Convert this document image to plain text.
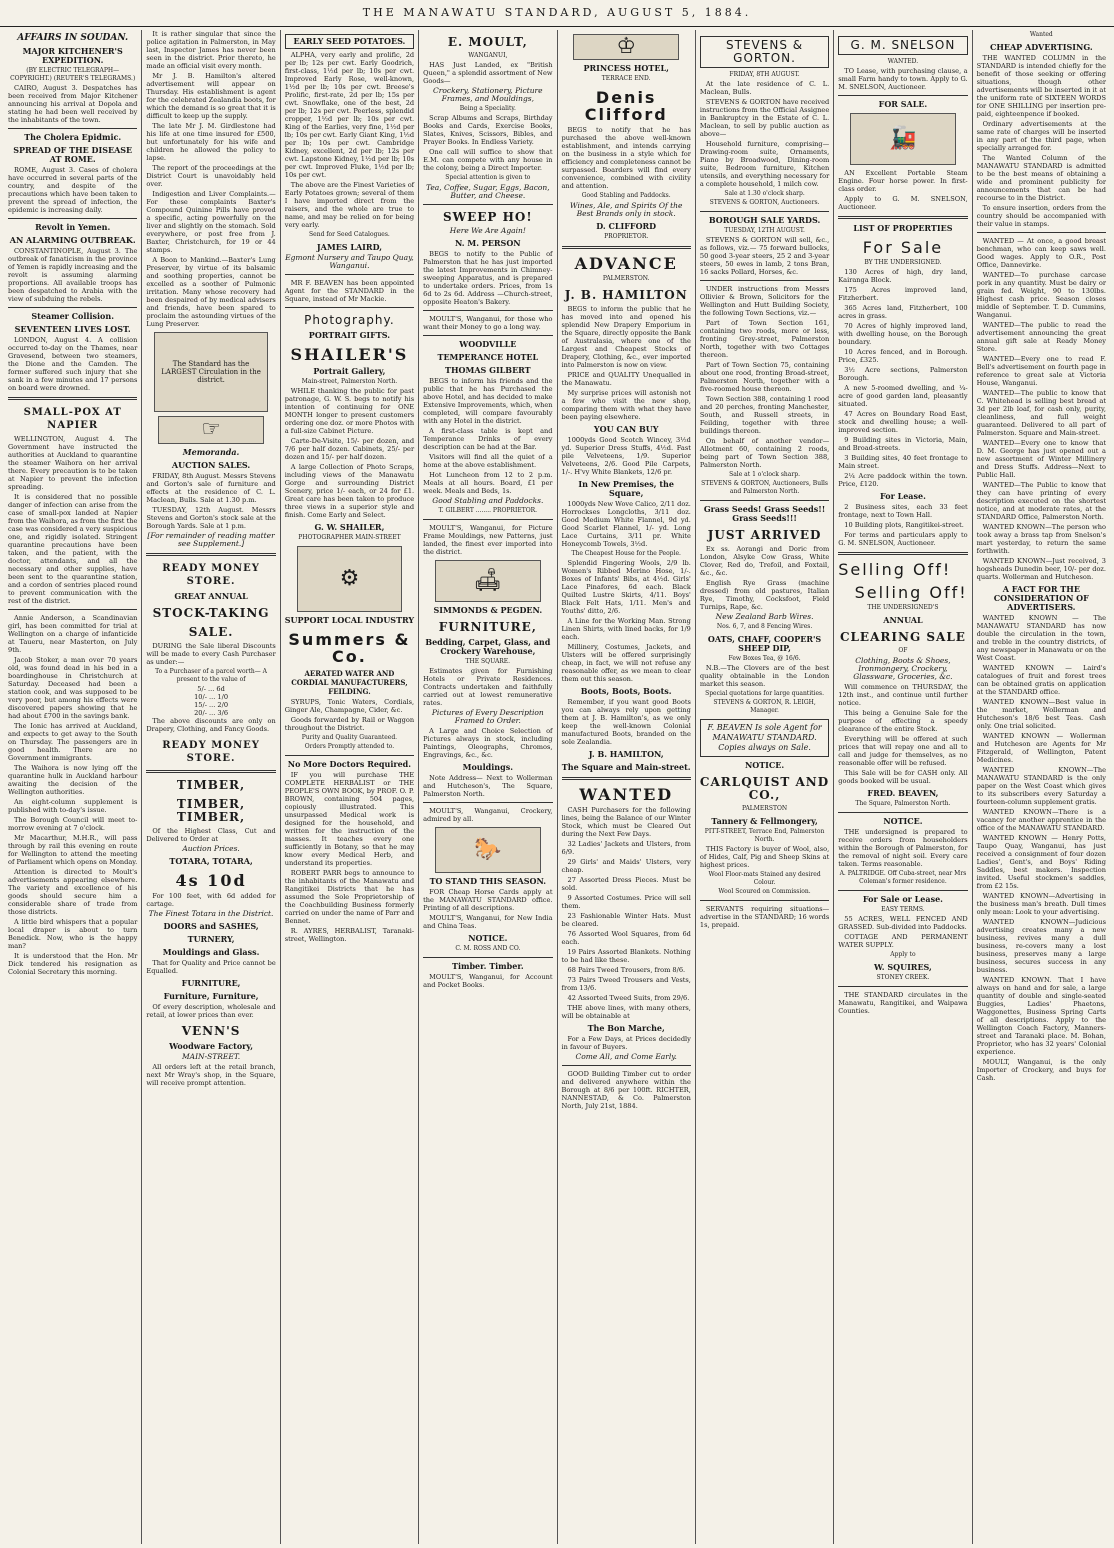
THE MANAWATU STANDARD, AUGUST 5, 1884.
AFFAIRS IN SOUDAN.
MAJOR KITCHENER'S EXPEDITION.
(BY ELECTRIC TELEGRAPH—COPYRIGHT.) (REUTER'S TELEGRAMS.)

CAIRO, August 3. Despatches has been received from Major Kitchener announcing his arrival at Dopola and stating he had been well received by the inhabitants of the town.

The Cholera Epidmic.
SPREAD OF THE DISEASE AT ROME.

ROME, August 3. Cases of cholera have occurred in several parts of the country, and despite of the precautions which have been taken to prevent the spread of infection, the epidemic is increasing daily.

Revolt in Yemen.
AN ALARMING OUTBREAK.

CONSTANTINOPLE, August 3. The outbreak of fanaticism in the province of Yemen is rapidly increasing and the revolt is assuming alarming proportions. All available troops has been despatched to Arabia with the view of subduing the rebels.

Steamer Collision.
SEVENTEEN LIVES LOST.

LONDON, August 4. A collision occurred to-day on the Thames, near Gravesend, between two steamers, the Dione and the Camden. The former suffered such injury that she sank in a few minutes and 17 persons on board were drowned.

SMALL-POX AT NAPIER

WELLINGTON, August 4. The Government have instructed the authorities at Auckland to quarantine the steamer Waihora on her arrival there. Every precaution is to be taken at Napier to prevent the infection spreading.

It is considered that no possible danger of infection can arise from the case of small-pox landed at Napier from the Waihora, as from the first the case was considered a very suspicious one, and rigidly isolated. Stringent quarantine precautions have been taken, and the patient, with the doctor, attendants, and all the necessary and other supplies, have been sent to the quarantine station, and a cordon of sentries placed round to prevent communication with the rest of the district.

Annie Anderson, a Scandinavian girl, has been committed for trial at Wellington on a charge of infanticide at Taueru, near Masterton, on July 9th.

Jacob Stoker, a man over 70 years old, was found dead in his bed in a boardinghouse in Christchurch at Saturday. Deceased had been a station cook, and was supposed to be very poor, but among his effects were discovered papers showing that he had about £700 in the savings bank.

The Ionic has arrived at Auckland, and expects to get away to the South on Thursday. The passengers are in good health. There are no Government immigrants.

The Waihora is now lying off the quarantine hulk in Auckland harbour awaiting the decision of the Wellington authorities.

An eight-column supplement is published with to-day's issue.

The Borough Council will meet to-morrow evening at 7 o'clock.

Mr Macarthur, M.H.R., will pass through by rail this evening en route for Wellington to attend the meeting of Parliament which opens on Monday.

Attention is directed to Moult's advertisements appearing elsewhere. The variety and excellence of his goods should secure him a considerable share of trade from those districts.

A little bird whispers that a popular local draper is about to turn Benedick. Now, who is the happy man?

It is understood that the Hon. Mr Dick tendered his resignation as Colonial Secretary this morning.

It is rather singular that since the police agitation in Palmerston, in May last, Inspector James has never been seen in the district. Prior thereto, he made an official visit every month.

Mr J. B. Hamilton's altered advertisement will appear on Thursday. His establishment is agent for the celebrated Zealandia boots, for which the demand is so great that it is difficult to keep up the supply.

The late Mr J. M. Girdlestone had his life at one time insured for £500, but unfortunately for his wife and children he allowed the policy to lapse.

The report of the proceedings at the District Court is unavoidably held over.

Indigestion and Liver Complaints.—For these complaints Baxter's Compound Quinine Pills have proved a specific, acting powerfully on the liver and slightly on the stomach. Sold everywhere, or post free from J. Baxter, Christchurch, for 19 or 44 stamps.

A Boon to Mankind.—Baxter's Lung Preserver, by virtue of its balsamic and soothing properties, cannot be excelled as a soother of Pulmonic irritation. Many whose recovery had been despaired of by medical advisers and friends, have been spared to proclaim the astounding virtues of the Lung Preserver.

The Standard has the LARGEST Circulation in the district.
☞
Memoranda.
AUCTION SALES.

FRIDAY, 8th August. Messrs Stevens and Gorton's sale of furniture and effects at the residence of C. L. Maclean, Bulls. Sale at 1.30 p.m.

TUESDAY, 12th August. Messrs Stevens and Gorton's stock sale at the Borough Yards. Sale at 1 p.m.

[For remainder of reading matter see Supplement.]
READY MONEY STORE.
GREAT ANNUAL
STOCK-TAKING
SALE.

DURING the Sale liberal Discounts will be made to every Cash Purchaser as under:—

To a Purchaser of a parcel worth— A present to the value of
5/- ... 6d
10/- ... 1/0
15/- ... 2/0
20/- ... 3/6

The above discounts are only on Drapery, Clothing, and Fancy Goods.

READY MONEY STORE.
TIMBER,
TIMBER, TIMBER,

Of the Highest Class, Cut and Delivered to Order at

Auction Prices.
TOTARA, TOTARA,
4s 10d

For 100 feet, with 6d added for cartage.

The Finest Totara in the District.
DOORS and SASHES,
TURNERY,
Mouldings and Glass.

That for Quality and Price cannot be Equalled.

FURNITURE,
Furniture, Furniture,

Of every description, wholesale and retail, at lower prices than ever.

VENN'S
Woodware Factory,
MAIN-STREET.

All orders left at the retail branch, next Mr Wray's shop, in the Square, will receive prompt attention.

EARLY SEED POTATOES.

ALPHA, very early and prolific, 2d per lb; 12s per cwt. Early Goodrich, first-class, 1½d per lb; 10s per cwt. Improved Early Rose, well-known, 1½d per lb; 10s per cwt. Breese's Prolific, first-rate, 2d per lb; 15s per cwt. Snowflake, one of the best, 2d per lb; 12s per cwt. Peerless, splendid cropper, 1½d per lb; 10s per cwt. King of the Earlies, very fine, 1½d per lb; 10s per cwt. Early Giant King, 1½d per lb; 10s per cwt. Cambridge Kidney, excellent, 2d per lb; 12s per cwt. Lapstone Kidney, 1½d per lb; 10s per cwt. Improved Fluke, 1½d per lb; 10s per cwt.

The above are the Finest Varieties of Early Potatoes grown; several of them I have imported direct from the raisers, and the whole are true to name, and may be relied on for being very early.

Send for Seed Catalogues.
JAMES LAIRD,
Egmont Nursery and Taupo Quay, Wanganui.

MR F. BEAVEN has been appointed Agent for the STANDARD in the Square, instead of Mr Mackie.

Photography.
PORTRAIT GIFTS.
SHAILER'S
Portrait Gallery,
Main-street, Palmerston North.

WHILE thanking the public for past patronage, G. W. S. begs to notify his intention of continuing for ONE MONTH longer to present customers ordering one doz. or more Photos with a full-size Cabinet Picture.

Carte-De-Visite, 15/- per dozen, and 7/6 per half dozen. Cabinets, 25/- per dozen and 15/- per half dozen.

A large Collection of Photo Scraps, including views of the Manawatu Gorge and surrounding District Scenery, price 1/- each, or 24 for £1. Great care has been taken to produce three views in a superior style and finish. Come Early and Select.

G. W. SHAILER,
PHOTOGRAPHER MAIN-STREET
⚙
SUPPORT LOCAL INDUSTRY
Summers & Co.
AERATED WATER AND CORDIAL MANUFACTURERS, FEILDING.

SYRUPS, Tonic Waters, Cordials, Ginger Ale, Champagne, Cider, &c.

Goods forwarded by Rail or Waggon throughout the District.

Purity and Quality Guaranteed.
Orders Promptly attended to.
No More Doctors Required.

IF you will purchase THE COMPLETE HERBALIST or THE PEOPLE'S OWN BOOK, by PROF. O. P. BROWN, containing 504 pages, copiously illustrated. This unsurpassed Medical work is designed for the household, and written for the instruction of the masses. It teaches every one sufficiently in Botany, so that he may know every Medical Herb, and understand its properties.

ROBERT PARR begs to announce to the inhabitants of the Manawatu and Rangitikei Districts that he has assumed the Sole Proprietorship of the Coachbuilding Business formerly carried on under the name of Parr and Bennet.

R. AYRES, HERBALIST, Taranaki-street, Wellington.

E. MOULT,
WANGANUI,

HAS Just Landed, ex "British Queen," a splendid assortment of New Goods—

Crockery, Stationery, Picture Frames, and Mouldings,
Being a Speciality.

Scrap Albums and Scraps, Birthday Books and Cards, Exercise Books, Slates, Knives, Scissors, Bibles, and Prayer Books. In Endless Variety.

One call will suffice to show that E.M. can compete with any house in the colony, being a Direct Importer.

Special attention is given to
Tea, Coffee, Sugar, Eggs, Bacon, Butter, and Cheese.
SWEEP HO!
Here We Are Again!
N. M. PERSON

BEGS to notify to the Public of Palmerston that he has just imported the latest Improvements in Chimney-sweeping Apparatus, and is prepared to undertake orders. Prices, from 1s 6d to 2s 6d. Address —Church-street, opposite Heaton's Bakery.

MOULT'S, Wanganui, for those who want their Money to go a long way.

WOODVILLE
TEMPERANCE HOTEL
THOMAS GILBERT

BEGS to inform his friends and the public that he has Purchased the above Hotel, and has decided to make Extensive Improvements, which, when completed, will compare favourably with any Hotel in the district.

A first-class table is kept and Temperance Drinks of every description can be had at the Bar.

Visitors will find all the quiet of a home at the above establishment.

Hot Luncheon from 12 to 2 p.m. Meals at all hours. Board, £1 per week. Meals and Beds, 1s.

Good Stabling and Paddocks.
T. GILBERT ........ PROPRIETOR.

MOULT'S, Wanganui, for Picture Frame Mouldings, new Patterns, just landed, the finest ever imported into the district.

🛋
SIMMONDS & PEGDEN.
FURNITURE,
Bedding, Carpet, Glass, and Crockery Warehouse,
THE SQUARE.

Estimates given for Furnishing Hotels or Private Residences. Contracts undertaken and faithfully carried out at lowest remunerative rates.

Pictures of Every Description Framed to Order.

A Large and Choice Selection of Pictures always in stock, including Paintings, Oleographs, Chromos, Engravings, &c., &c.

Mouldings.

Note Address— Next to Wollerman and Hutcheson's, The Square, Palmerston North.

MOULT'S, Wanganui, Crockery, admired by all.

🐎
TO STAND THIS SEASON.

FOR Cheap Horse Cards apply at the MANAWATU STANDARD office. Printing of all descriptions.

MOULT'S, Wanganui, for New India and China Teas.

NOTICE.
C. M. ROSS AND CO.
Timber. Timber.

MOULT'S, Wanganui, for Account and Pocket Books.

♔
PRINCESS HOTEL,
TERRACE END.
Denis Clifford

BEGS to notify that he has purchased the above well-known establishment, and intends carrying on the business in a style which for efficiency and completeness cannot be surpassed. Boarders will find every convenience, combined with civility and attention.

Good Stabling and Paddocks.
Wines, Ale, and Spirits Of the Best Brands only in stock.
D. CLIFFORD
PROPRIETOR.
ADVANCE
PALMERSTON.
J. B. HAMILTON

BEGS to inform the public that he has moved into and opened his splendid New Drapery Emporium in the Square, directly opposite the Bank of Australasia, where one of the Largest and Cheapest Stocks of Drapery, Clothing, &c., ever imported into Palmerston is now on view.

PRICE and QUALITY Unequalled in the Manawatu.

My surprise prices will astonish not a few who visit the new shop, comparing them with what they have been paying elsewhere.

YOU CAN BUY

1000yds Good Scotch Wincey, 3½d yd. Superior Dress Stuffs, 4½d. Fast pile Velveteens, 1/9. Superior Velveteens, 2/6. Good Pile Carpets, 1/-. H'vy White Blankets, 12/6 pr.

In New Premises, the Square,

1000yds New Wove Calico, 2/11 doz. Horrockses Longcloths, 3/11 doz. Good Medium White Flannel, 9d yd. Good Scarlet Flannel, 1/- yd. Long Lace Curtains, 3/11 pr. White Honeycomb Towels, 3½d.

The Cheapest House for the People.

Splendid Fingering Wools, 2/9 lb. Women's Ribbed Merino Hose, 1/-. Boxes of Infants' Bibs, at 4½d. Girls' Lace Pinafores, 6d each. Black Quilted Lustre Skirts, 4/11. Boys' Black Felt Hats, 1/11. Men's and Youths' ditto, 2/6.

A Line for the Working Man. Strong Linen Shirts, with lined backs, for 1/9 each.

Millinery, Costumes, Jackets, and Ulsters will be offered surprisingly cheap, in fact, we will not refuse any reasonable offer, as we mean to clear them out this season.

Boots, Boots, Boots.

Remember, if you want good Boots you can always rely upon getting them at J. B. Hamilton's, as we only keep the well-known Colonial manufactured Boots, branded on the sole Zealandia.

J. B. HAMILTON,
The Square and Main-street.
WANTED

CASH Purchasers for the following lines, being the Balance of our Winter Stock, which must be Cleared Out during the Next Few Days.

32 Ladies' Jackets and Ulsters, from 6/9.

29 Girls' and Maids' Ulsters, very cheap.

27 Assorted Dress Pieces. Must be sold.

9 Assorted Costumes. Price will sell them.

23 Fashionable Winter Hats. Must be cleared.

76 Assorted Wool Squares, from 6d each.

19 Pairs Assorted Blankets. Nothing to be had like these.

68 Pairs Tweed Trousers, from 8/6.

73 Pairs Tweed Trousers and Vests, from 13/6.

42 Assorted Tweed Suits, from 29/6.

THE above lines, with many others, will be obtainable at

The Bon Marche,

For a Few Days, at Prices decidedly in favour of Buyers.

Come All, and Come Early.

GOOD Building Timber cut to order and delivered anywhere within the Borough at 8/6 per 100ft. RICHTER, NANNESTAD, & Co. Palmerston North, July 21st, 1884.

STEVENS & GORTON.
FRIDAY, 8TH AUGUST.

At the late residence of C. L. Maclean, Bulls.

STEVENS & GORTON have received instructions from the Official Assignee in Bankruptcy in the Estate of C. L. Maclean, to sell by public auction as above—

Household furniture, comprising— Drawing-room suite, Ornaments, Piano by Broadwood, Dining-room suite, Bedroom furniture, Kitchen utensils, and everything necessary for a complete household, 1 milch cow.

Sale at 1.30 o'clock sharp.
STEVENS & GORTON, Auctioneers.
BOROUGH SALE YARDS.
TUESDAY, 12TH AUGUST.

STEVENS & GORTON will sell, &c., as follows, viz.— 75 forward bullocks, 50 good 3-year steers, 25 2 and 3-year steers, 50 ewes in lamb, 2 tons Bran, 16 sacks Pollard, Horses, &c.

UNDER instructions from Messrs Ollivier & Brown, Solicitors for the Wellington and Hutt Building Society, the following Town Sections, viz.—

Part of Town Section 161, containing two roods, more or less, fronting Grey-street, Palmerston North, together with two Cottages thereon.

Part of Town Section 75, containing about one rood, fronting Broad-street, Palmerston North, together with a five-roomed house thereon.

Town Section 388, containing 1 rood and 20 perches, fronting Manchester, South, and Russell streets, in Feilding, together with three buildings thereon.

On behalf of another vendor— Allotment 60, containing 2 roods, being part of Town Section 388, Palmerston North.

Sale at 1 o'clock sharp.
STEVENS & GORTON, Auctioneers, Bulls and Palmerston North.
Grass Seeds! Grass Seeds!! Grass Seeds!!!
JUST ARRIVED

Ex ss. Aorangi and Doric from London, Alsyke Cow Grass, White Clover, Red do, Trefoil, and Foxtail, &c., &c.

English Rye Grass (machine dressed) from old pastures, Italian Rye, Timothy, Cocksfoot, Field Turnips, Rape, &c.

New Zealand Barb Wires.
Nos. 6, 7, and 8 Fencing Wires.
OATS, CHAFF, COOPER'S SHEEP DIP,
Few Boxes Tea, @ 16/6.

N.B.—The Clovers are of the best quality obtainable in the London market this season.

Special quotations for large quantities.
STEVENS & GORTON, R. LEIGH, Manager.
F. BEAVEN Is sole Agent for MANAWATU STANDARD. Copies always on Sale.
NOTICE.
CARLQUIST AND CO.,
PALMERSTON
Tannery & Fellmongery,
PITT-STREET, Terrace End, Palmerston North.

THIS Factory is buyer of Wool, also, of Hides, Calf, Pig and Sheep Skins at highest prices.

Wool Floor-mats Stained any desired Colour.
Wool Scoured on Commission.

SERVANTS requiring situations— advertise in the STANDARD; 16 words 1s, prepaid.

G. M. SNELSON
WANTED.

TO Lease, with purchasing clause, a small Farm handy to town. Apply to G. M. SNELSON, Auctioneer.

FOR SALE.
🚂

AN Excellent Portable Steam Engine. Four horse power. In first-class order.

Apply to G. M. SNELSON, Auctioneer.

LIST OF PROPERTIES
For Sale
BY THE UNDERSIGNED.

130 Acres of high, dry land, Kairanga Block.

175 Acres improved land, Fitzherbert.

365 Acres land, Fitzherbert, 100 acres in grass.

70 Acres of highly improved land, with dwelling house, on the Borough boundary.

10 Acres fenced, and in Borough. Price, £325.

3½ Acre sections, Palmerston Borough.

A new 5-roomed dwelling, and ¼-acre of good garden land, pleasantly situated.

47 Acres on Boundary Road East, stock and dwelling house; a well-improved section.

9 Building sites in Victoria, Main, and Broad-streets.

3 Building sites, 40 feet frontage to Main street.

2¼ Acre paddock within the town. Price, £120.

For Lease.

2 Business sites, each 33 feet frontage, next to Town Hall.

10 Building plots, Rangitikei-street.

For terms and particulars apply to G. M. SNELSON, Auctioneer.

Selling Off!
Selling Off!
THE UNDERSIGNED'S
ANNUAL
CLEARING SALE
OF
Clothing, Boots & Shoes, Ironmongery, Crockery, Glassware, Groceries, &c.

Will commence on THURSDAY, the 12th inst., and continue until further notice.

This being a Genuine Sale for the purpose of effecting a speedy clearance of the entire Stock.

Everything will be offered at such prices that will repay one and all to call and judge for themselves, as no reasonable offer will be refused.

This Sale will be for CASH only. All goods booked will be usual.

FRED. BEAVEN,
The Square, Palmerston North.
NOTICE.

THE undersigned is prepared to receive orders from householders within the Borough of Palmerston, for the removal of night soil. Every care taken. Terms reasonable.

A. PALTRIDGE. Off Cuba-street, near Mrs Coleman's former residence.
For Sale or Lease.
EASY TERMS.

55 ACRES, WELL FENCED AND GRASSED. Sub-divided into Paddocks.

COTTAGE AND PERMANENT WATER SUPPLY.

Apply to
W. SQUIRES,
STONEY CREEK.

THE STANDARD circulates in the Manawatu, Rangitikei, and Waipawa Counties.

Wanted
CHEAP ADVERTISING.

THE WANTED COLUMN in the STANDARD is intended chiefly for the benefit of those seeking or offering situations, though other advertisements will be inserted in it at the uniform rate of SIXTEEN WORDS for ONE SHILLING per insertion pre-paid, eighteenpence if booked.

Ordinary advertisements at the same rate of charges will be inserted in any part of the third page, when specially arranged for.

The Wanted Column of the MANAWATU STANDARD is admitted to be the best means of obtaining a wide and prominent publicity for announcements that can be had recourse to in the District.

To ensure insertion, orders from the country should be accompanied with their value in stamps.

WANTED — At once, a good breast benchman, who can keep saws well. Good wages. Apply to O.R., Post Office, Dannevirke.

WANTED—To purchase carcase pork in any quantity. Must be dairy or grain fed. Weight, 90 to 130lbs. Highest cash price. Season closes middle of September. T. D. Cummins, Wanganui.

WANTED—The public to read the advertisement announcing the great annual gift sale at Ready Money Store.

WANTED—Every one to read F. Bell's advertisement on fourth page in reference to great sale at Victoria House, Wanganui.

WANTED—The public to know that C. Whitehead is selling best bread at 3d per 2lb loaf, for cash only, purity, cleanliness, and full weight guaranteed. Delivered to all part of Palmerston. Square and Main-street.

WANTED—Every one to know that D. M. George has just opened out a new assortment of Winter Millinery and Dress Stuffs. Address—Next to Public Hall.

WANTED—The Public to know that they can have printing of every description executed on the shortest notice, and at moderate rates, at the STANDARD Office, Palmerston North.

WANTED KNOWN—The person who took away a brass tap from Snelson's mart yesterday, to return the same forthwith.

WANTED KNOWN—Just received, 3 hogsheads Dunedin beer, 10/- per doz. quarts. Wollerman and Hutcheson.

A FACT FOR THE CONSIDERATION OF ADVERTISERS.

WANTED KNOWN — The MANAWATU STANDARD has now double the circulation in the town, and treble in the country districts, of any newspaper in Manawatu or on the West Coast.

WANTED KNOWN — Laird's catalogues of fruit and forest trees can be obtained gratis on application at the STANDARD office.

WANTED KNOWN—Best value in the market, Wollerman and Hutcheson's 18/6 best Teas. Cash only. One trial solicited.

WANTED KNOWN — Wollerman and Hutcheson are Agents for Mr Fitzgerald, of Wellington, Patent Medicines.

WANTED KNOWN—The MANAWATU STANDARD is the only paper on the West Coast which gives to its subscribers every Saturday a fourteen-column supplement gratis.

WANTED KNOWN—There is a vacancy for another apprentice in the office of the MANAWATU STANDARD.

WANTED KNOWN — Henry Potts, Taupo Quay, Wanganui, has just received a consignment of four dozen Ladies', Gent's, and Boys' Riding Saddles, best makers. Inspection invited. Useful stockmen's saddles, from £2 15s.

WANTED KNOWN—Advertising in the business man's breath. Dull times only mean: Look to your advertising.

WANTED KNOWN—Judicious advertising creates many a new business, revives many a dull business, re-covers many a lost business, preserves many a large business, secures success in any business.

WANTED KNOWN. That I have always on hand and for sale, a large quantity of double and single-seated Buggies, Ladies' Phaetons, Waggonettes, Business Spring Carts of all descriptions. Apply to the Wellington Coach Factory, Manners-street and Taranaki place. M. Bohan, Proprietor, who has 32 years' Colonial experience.

MOULT, Wanganui, is the only Importer of Crockery, and buys for Cash.
